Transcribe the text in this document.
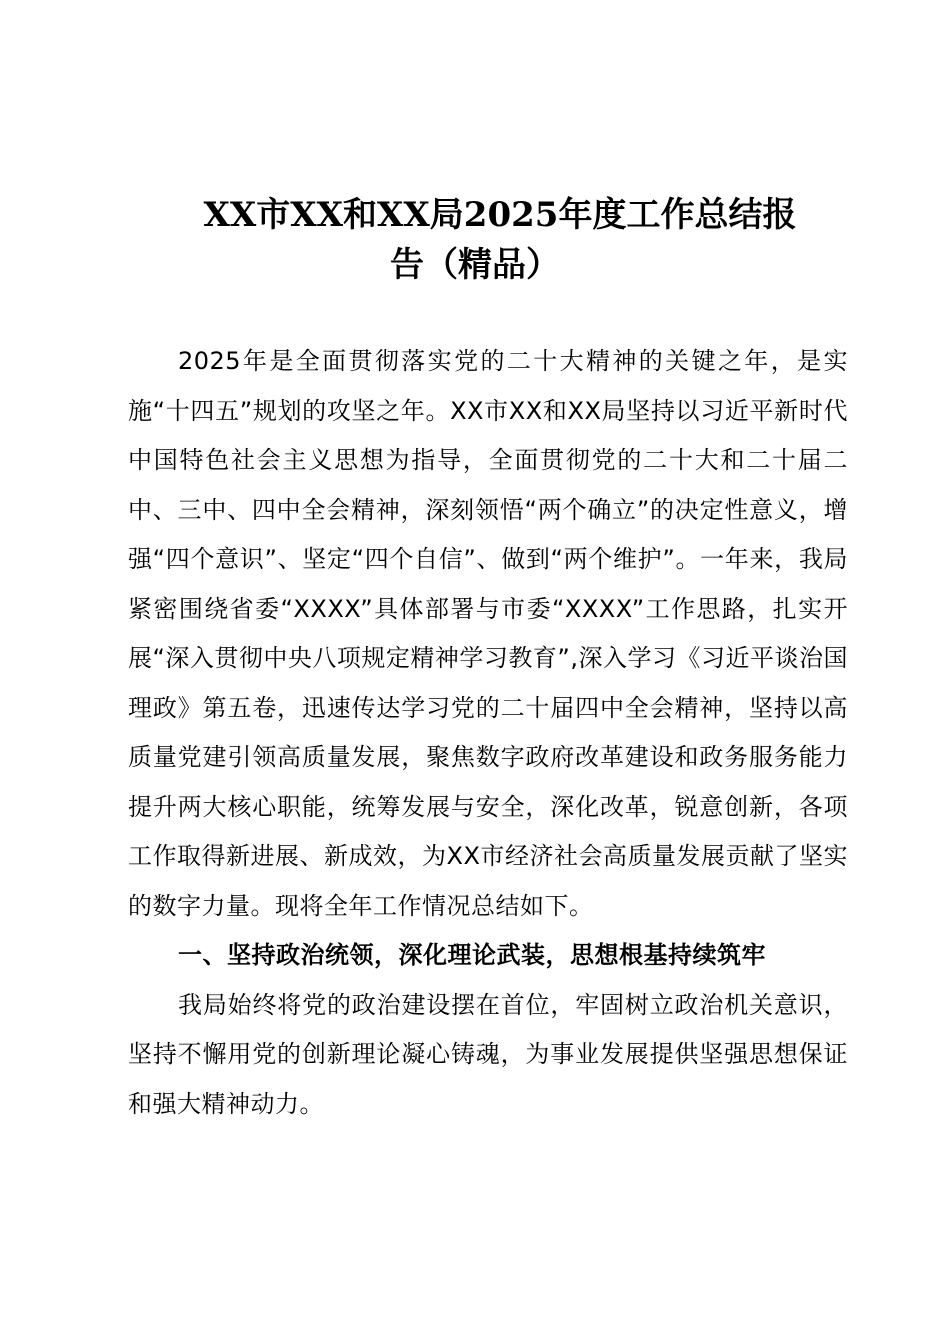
XX市XX和XX局2025年度工作总结报
告（精品）

2025年是全面贯彻落实党的二十大精神的关键之年，是实施“十四五”规划的攻坚之年。XX市XX和XX局坚持以习近平新时代中国特色社会主义思想为指导，全面贯彻党的二十大和二十届二中、三中、四中全会精神，深刻领悟“两个确立”的决定性意义，增强“四个意识”、坚定“四个自信”、做到“两个维护”。一年来，我局紧密围绕省委“XXXX”具体部署与市委“XXXX”工作思路，扎实开展“深入贯彻中央八项规定精神学习教育”,深入学习《习近平谈治国理政》第五卷，迅速传达学习党的二十届四中全会精神，坚持以高质量党建引领高质量发展，聚焦数字政府改革建设和政务服务能力提升两大核心职能，统筹发展与安全，深化改革，锐意创新，各项工作取得新进展、新成效，为XX市经济社会高质量发展贡献了坚实的数字力量。现将全年工作情况总结如下。

一、坚持政治统领，深化理论武装，思想根基持续筑牢

我局始终将党的政治建设摆在首位，牢固树立政治机关意识，坚持不懈用党的创新理论凝心铸魂，为事业发展提供坚强思想保证和强大精神动力。
